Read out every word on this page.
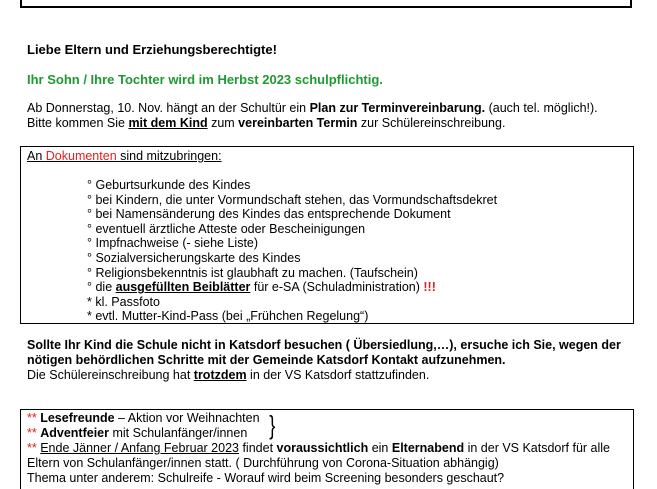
Liebe Eltern und Erziehungsberechtigte!

Ihr Sohn / Ihre Tochter wird im Herbst 2023 schulpflichtig.

Ab Donnerstag, 10. Nov. hängt an der Schultür ein Plan zur Terminvereinbarung. (auch tel. möglich!).
Bitte kommen Sie mit dem Kind zum vereinbarten Termin zur Schülereinschreibung.
An Dokumenten sind mitzubringen:
° Geburtsurkunde des Kindes
° bei Kindern, die unter Vormundschaft stehen, das Vormundschaftsdekret
° bei Namensänderung des Kindes das entsprechende Dokument
° eventuell ärztliche Atteste oder Bescheinigungen
° Impfnachweise (- siehe Liste)
° Sozialversicherungskarte des Kindes
° Religionsbekenntnis ist glaubhaft zu machen. (Taufschein)
° die ausgefüllten Beiblätter für e-SA (Schuladministration) !!!
* kl. Passfoto
* evtl. Mutter-Kind-Pass (bei „Frühchen Regelung“)
Sollte Ihr Kind die Schule nicht in Katsdorf besuchen ( Übersiedlung,…), ersuche ich Sie, wegen der
nötigen behördlichen Schritte mit der Gemeinde Katsdorf Kontakt aufzunehmen.
Die Schülereinschreibung hat trotzdem in der VS Katsdorf stattzufinden.
** Lesefreunde – Aktion vor Weihnachten
** Adventfeier mit Schulanfänger/innen
** Ende Jänner / Anfang Februar 2023 findet voraussichtlich ein Elternabend in der VS Katsdorf für alle
Eltern von Schulanfänger/innen statt. ( Durchführung von Corona-Situation abhängig)
Thema unter anderem: Schulreife - Worauf wird beim Screening besonders geschaut?
}
